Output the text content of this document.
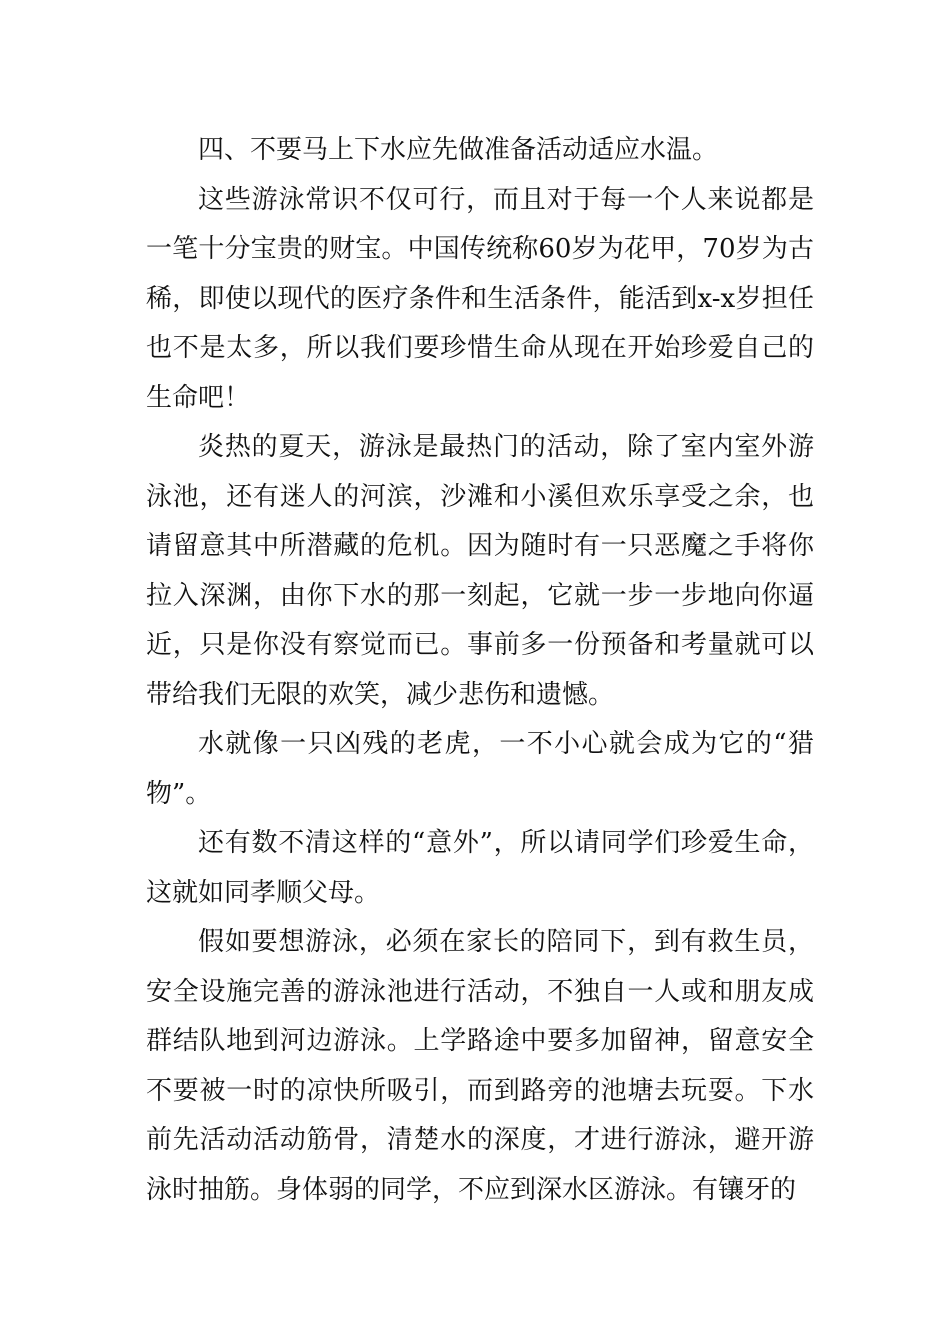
四、不要马上下水应先做准备活动适应水温。

这些游泳常识不仅可行，而且对于每一个人来说都是一笔十分宝贵的财宝。中国传统称60岁为花甲，70岁为古稀，即使以现代的医疗条件和生活条件，能活到x-x岁担任也不是太多，所以我们要珍惜生命从现在开始珍爱自己的生命吧！

炎热的夏天，游泳是最热门的活动，除了室内室外游泳池，还有迷人的河滨，沙滩和小溪但欢乐享受之余，也请留意其中所潜藏的危机。因为随时有一只恶魔之手将你拉入深渊，由你下水的那一刻起，它就一步一步地向你逼近，只是你没有察觉而已。事前多一份预备和考量就可以带给我们无限的欢笑，减少悲伤和遗憾。

水就像一只凶残的老虎，一不小心就会成为它的“猎物”。

还有数不清这样的“意外”，所以请同学们珍爱生命，这就如同孝顺父母。

假如要想游泳，必须在家长的陪同下，到有救生员，安全设施完善的游泳池进行活动，不独自一人或和朋友成群结队地到河边游泳。上学路途中要多加留神，留意安全不要被一时的凉快所吸引，而到路旁的池塘去玩耍。下水前先活动活动筋骨，清楚水的深度，才进行游泳，避开游泳时抽筋。身体弱的同学，不应到深水区游泳。有镶牙的
